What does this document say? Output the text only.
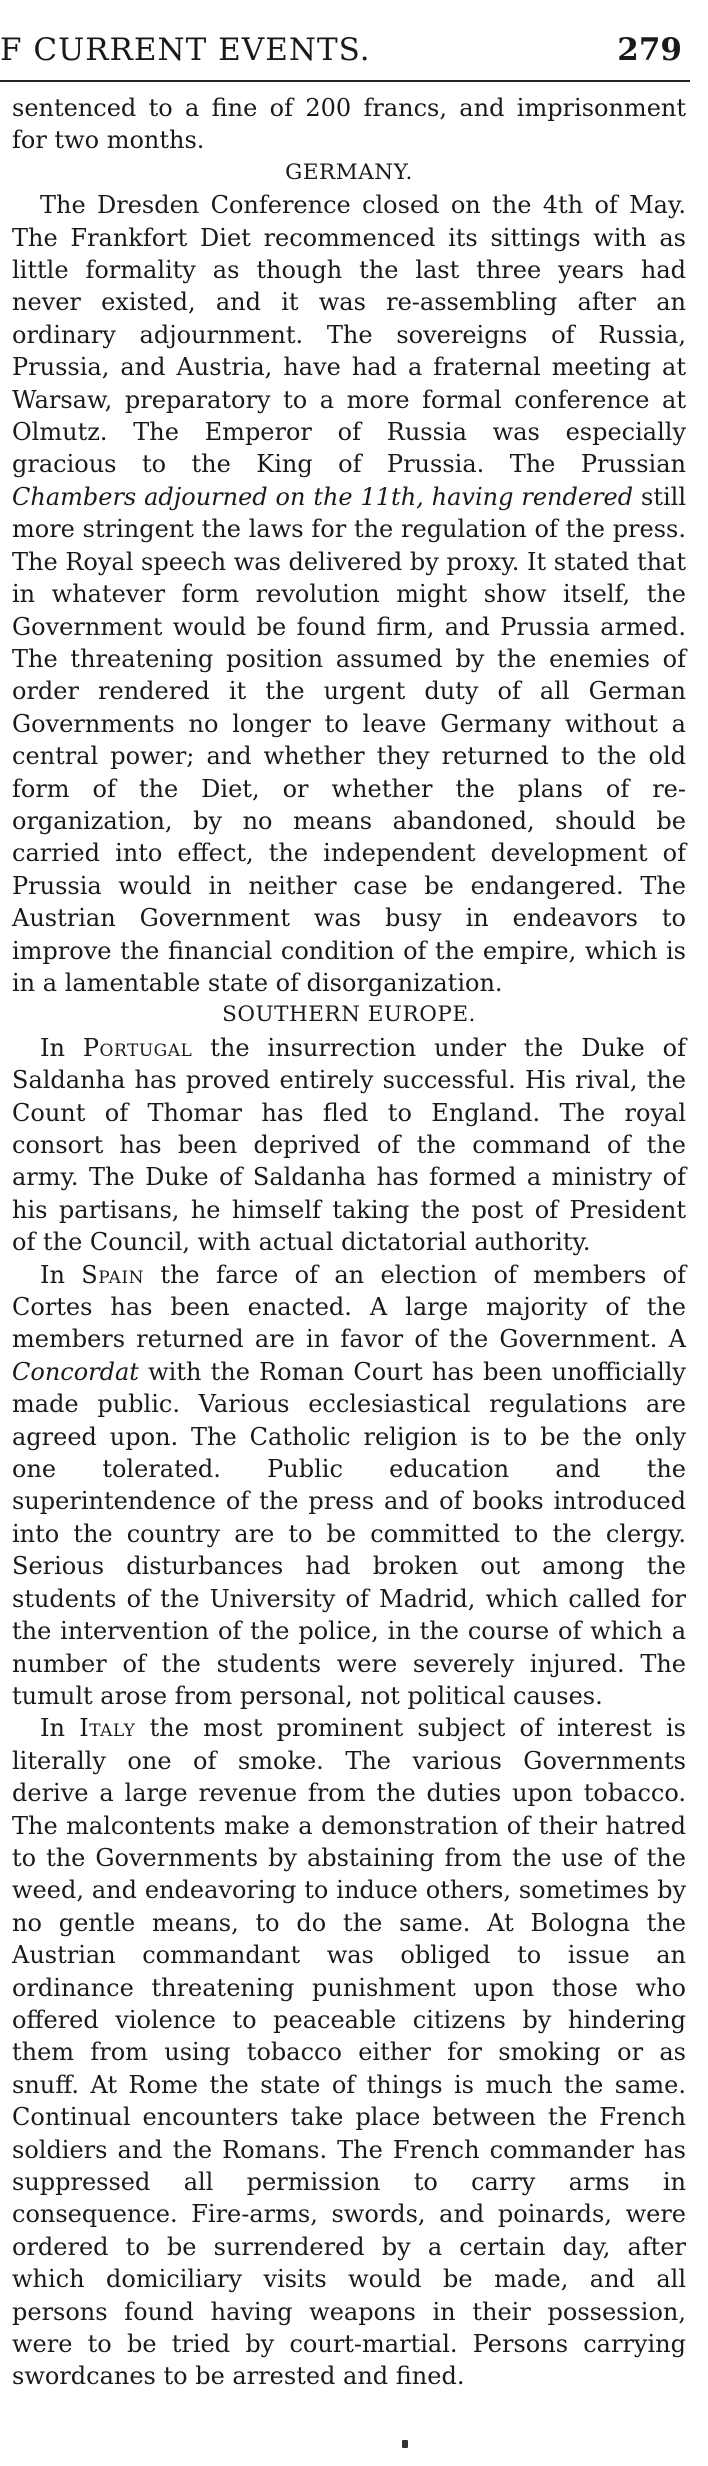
F CURRENT EVENTS.	279

sentenced to a fine of 200 francs, and imprisonment for two months.

GERMANY.

The Dresden Conference closed on the 4th of May. The Frankfort Diet recommenced its sittings with as little formality as though the last three years had never existed, and it was re-assembling after an ordinary adjournment. The sovereigns of Russia, Prussia, and Austria, have had a fraternal meeting at Warsaw, preparatory to a more formal conference at Olmutz. The Emperor of Russia was especially gracious to the King of Prussia. The Prussian Chambers adjourned on the 11th, having rendered still more stringent the laws for the regulation of the press. The Royal speech was delivered by proxy. It stated that in whatever form revolution might show itself, the Government would be found firm, and Prussia armed. The threatening position assumed by the enemies of order rendered it the urgent duty of all German Governments no longer to leave Germany without a central power; and whether they returned to the old form of the Diet, or whether the plans of re-organization, by no means abandoned, should be carried into effect, the independent development of Prussia would in neither case be endangered. The Austrian Government was busy in endeavors to improve the financial condition of the empire, which is in a lamentable state of disorganization.

SOUTHERN EUROPE.

In Portugal the insurrection under the Duke of Saldanha has proved entirely successful. His rival, the Count of Thomar has fled to England. The royal consort has been deprived of the command of the army. The Duke of Saldanha has formed a ministry of his partisans, he himself taking the post of President of the Council, with actual dictatorial authority.

In Spain the farce of an election of members of Cortes has been enacted. A large majority of the members returned are in favor of the Government. A Concordat with the Roman Court has been unofficially made public. Various ecclesiastical regulations are agreed upon. The Catholic religion is to be the only one tolerated. Public education and the superintendence of the press and of books introduced into the country are to be committed to the clergy. Serious disturbances had broken out among the students of the University of Madrid, which called for the intervention of the police, in the course of which a number of the students were severely injured. The tumult arose from personal, not political causes.

In Italy the most prominent subject of interest is literally one of smoke. The various Governments derive a large revenue from the duties upon tobacco. The malcontents make a demonstration of their hatred to the Governments by abstaining from the use of the weed, and endeavoring to induce others, sometimes by no gentle means, to do the same. At Bologna the Austrian commandant was obliged to issue an ordinance threatening punishment upon those who offered violence to peaceable citizens by hindering them from using tobacco either for smoking or as snuff. At Rome the state of things is much the same. Continual encounters take place between the French soldiers and the Romans. The French commander has suppressed all permission to carry arms in consequence. Fire-arms, swords, and poinards, were ordered to be surrendered by a certain day, after which domiciliary visits would be made, and all persons found having weapons in their possession, were to be tried by court-martial. Persons carrying swordcanes to be arrested and fined.
